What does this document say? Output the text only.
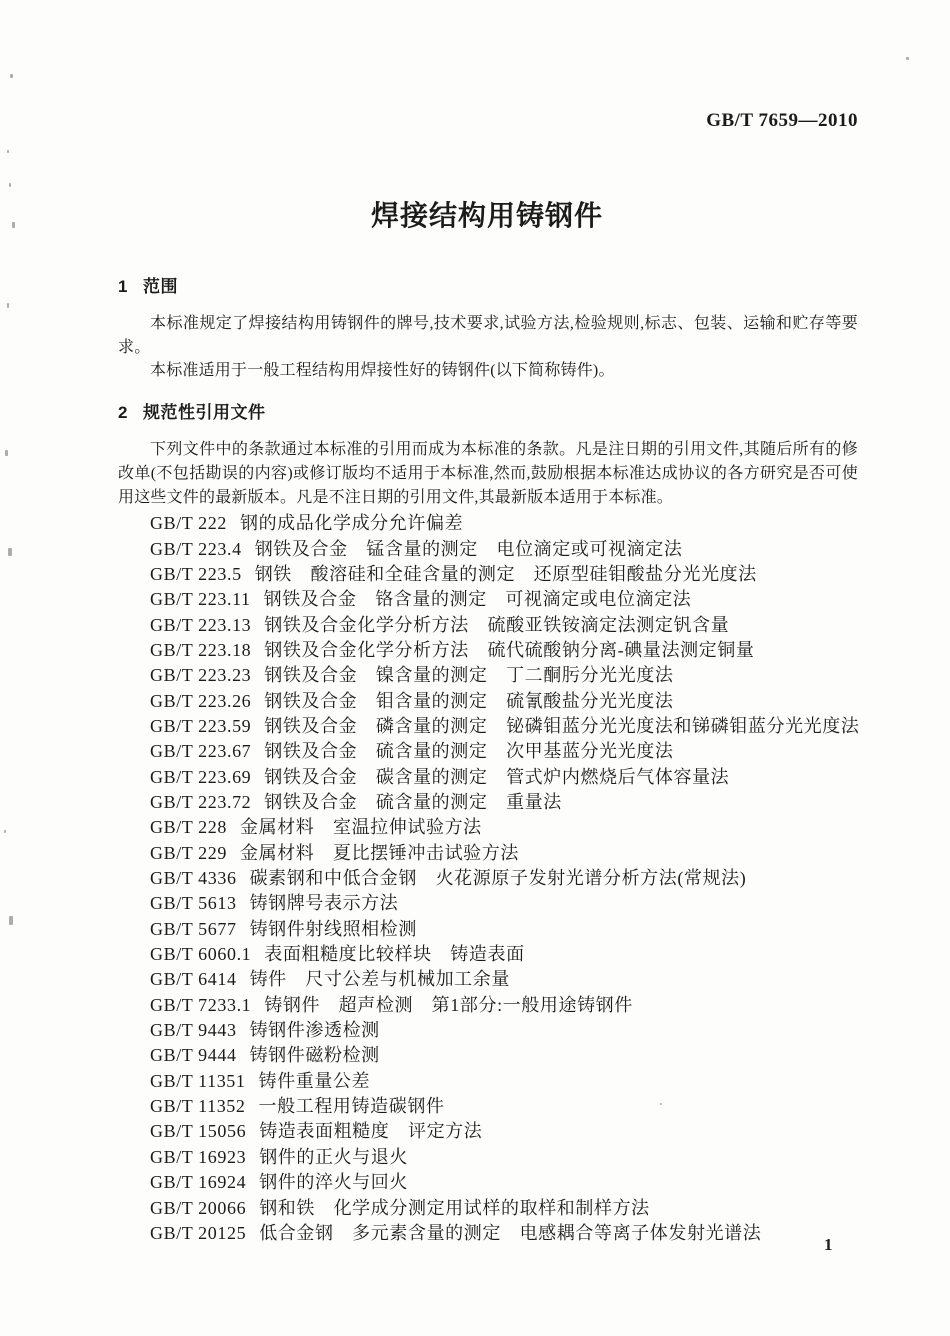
GB/T 7659—2010
焊接结构用铸钢件
1 范围

本标准规定了焊接结构用铸钢件的牌号,技术要求,试验方法,检验规则,标志、包装、运输和贮存等要求。

本标准适用于一般工程结构用焊接性好的铸钢件(以下简称铸件)。

2 规范性引用文件

下列文件中的条款通过本标准的引用而成为本标准的条款。凡是注日期的引用文件,其随后所有的修改单(不包括勘误的内容)或修订版均不适用于本标准,然而,鼓励根据本标准达成协议的各方研究是否可使用这些文件的最新版本。凡是不注日期的引用文件,其最新版本适用于本标准。

GB/T 222 钢的成品化学成分允许偏差
GB/T 223.4 钢铁及合金　锰含量的测定　电位滴定或可视滴定法
GB/T 223.5 钢铁　酸溶硅和全硅含量的测定　还原型硅钼酸盐分光光度法
GB/T 223.11 钢铁及合金　铬含量的测定　可视滴定或电位滴定法
GB/T 223.13 钢铁及合金化学分析方法　硫酸亚铁铵滴定法测定钒含量
GB/T 223.18 钢铁及合金化学分析方法　硫代硫酸钠分离-碘量法测定铜量
GB/T 223.23 钢铁及合金　镍含量的测定　丁二酮肟分光光度法
GB/T 223.26 钢铁及合金　钼含量的测定　硫氰酸盐分光光度法
GB/T 223.59 钢铁及合金　磷含量的测定　铋磷钼蓝分光光度法和锑磷钼蓝分光光度法
GB/T 223.67 钢铁及合金　硫含量的测定　次甲基蓝分光光度法
GB/T 223.69 钢铁及合金　碳含量的测定　管式炉内燃烧后气体容量法
GB/T 223.72 钢铁及合金　硫含量的测定　重量法
GB/T 228 金属材料　室温拉伸试验方法
GB/T 229 金属材料　夏比摆锤冲击试验方法
GB/T 4336 碳素钢和中低合金钢　火花源原子发射光谱分析方法(常规法)
GB/T 5613 铸钢牌号表示方法
GB/T 5677 铸钢件射线照相检测
GB/T 6060.1 表面粗糙度比较样块　铸造表面
GB/T 6414 铸件　尺寸公差与机械加工余量
GB/T 7233.1 铸钢件　超声检测　第1部分:一般用途铸钢件
GB/T 9443 铸钢件渗透检测
GB/T 9444 铸钢件磁粉检测
GB/T 11351 铸件重量公差
GB/T 11352 一般工程用铸造碳钢件
GB/T 15056 铸造表面粗糙度　评定方法
GB/T 16923 钢件的正火与退火
GB/T 16924 钢件的淬火与回火
GB/T 20066 钢和铁　化学成分测定用试样的取样和制样方法
GB/T 20125 低合金钢　多元素含量的测定　电感耦合等离子体发射光谱法
1
